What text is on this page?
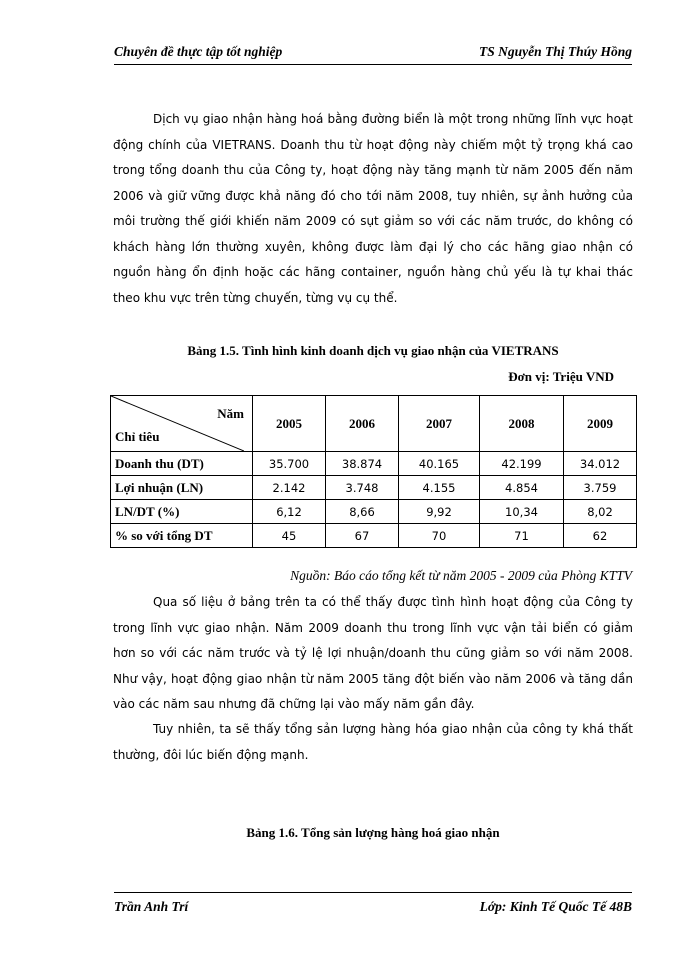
Chuyên đề thực tập tốt nghiệp	TS Nguyễn Thị Thúy Hồng
Dịch vụ giao nhận hàng hoá bằng đường biển là một trong những lĩnh vực hoạt động chính của VIETRANS. Doanh thu từ hoạt động này chiếm một tỷ trọng khá cao trong tổng doanh thu của Công ty, hoạt động này tăng mạnh từ năm 2005 đến năm 2006 và giữ vững được khả năng đó cho tới năm 2008, tuy nhiên, sự ảnh hưởng của môi trường thế giới khiến năm 2009 có sụt giảm so với các năm trước, do không có khách hàng lớn thường xuyên, không được làm đại lý cho các hãng giao nhận có nguồn hàng ổn định hoặc các hãng container, nguồn hàng chủ yếu là tự khai thác theo khu vực trên từng chuyến, từng vụ cụ thể.
Bảng 1.5. Tình hình kinh doanh dịch vụ giao nhận của VIETRANS
Đơn vị: Triệu VND
Năm
Chỉ tiêu	2005	2006	2007	2008	2009
Doanh thu (DT)	35.700	38.874	40.165	42.199	34.012
Lợi nhuận (LN)	2.142	3.748	4.155	4.854	3.759
LN/DT (%)	6,12	8,66	9,92	10,34	8,02
% so với tổng DT	45	67	70	71	62
Nguồn: Báo cáo tổng kết từ năm 2005 - 2009 của Phòng KTTV
Qua số liệu ở bảng trên ta có thể thấy được tình hình hoạt động của Công ty trong lĩnh vực giao nhận. Năm 2009 doanh thu trong lĩnh vực vận tải biển có giảm hơn so với các năm trước và tỷ lệ lợi nhuận/doanh thu cũng giảm so với năm 2008. Như vậy, hoạt động giao nhận từ năm 2005 tăng đột biến vào năm 2006 và tăng dần vào các năm sau nhưng đã chững lại vào mấy năm gần đây.
Tuy nhiên, ta sẽ thấy tổng sản lượng hàng hóa giao nhận của công ty khá thất thường, đôi lúc biến động mạnh.
Bảng 1.6. Tổng sản lượng hàng hoá giao nhận
Trần Anh Trí	Lớp: Kinh Tế Quốc Tế 48B
